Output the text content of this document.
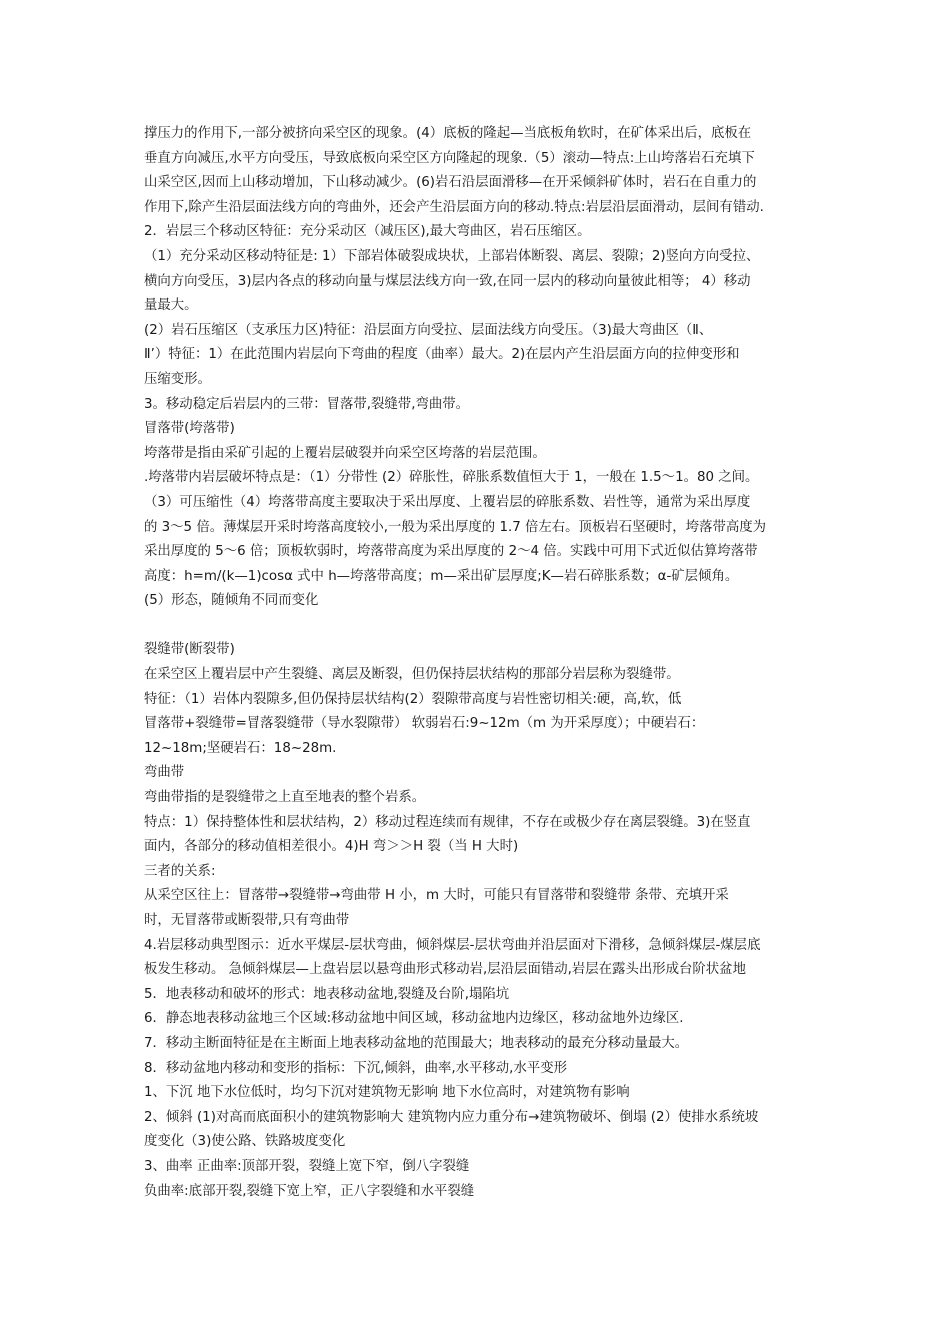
撑压力的作用下,一部分被挤向采空区的现象。(4）底板的隆起—当底板角软时，在矿体采出后，底板在

垂直方向减压,水平方向受压，导致底板向采空区方向隆起的现象.（5）滚动—特点:上山垮落岩石充填下

山采空区,因而上山移动增加，下山移动减少。(6)岩石沿层面滑移—在开采倾斜矿体时，岩石在自重力的

作用下,除产生沿层面法线方向的弯曲外，还会产生沿层面方向的移动.特点:岩层沿层面滑动，层间有错动.

2．岩层三个移动区特征：充分采动区（减压区),最大弯曲区，岩石压缩区。

（1）充分采动区移动特征是: 1）下部岩体破裂成块状，上部岩体断裂、离层、裂隙；2)竖向方向受拉、

横向方向受压，3)层内各点的移动向量与煤层法线方向一致,在同一层内的移动向量彼此相等； 4）移动

量最大。

(2）岩石压缩区（支承压力区)特征：沿层面方向受拉、层面法线方向受压。（3)最大弯曲区（Ⅱ、

Ⅱ’）特征：1）在此范围内岩层向下弯曲的程度（曲率）最大。2)在层内产生沿层面方向的拉伸变形和

压缩变形。

3。移动稳定后岩层内的三带：冒落带,裂缝带,弯曲带。

冒落带(垮落带)

垮落带是指由采矿引起的上覆岩层破裂并向采空区垮落的岩层范围。

.垮落带内岩层破坏特点是：（1）分带性 (2）碎胀性，碎胀系数值恒大于 1，一般在 1.5～1。80 之间。

（3）可压缩性（4）垮落带高度主要取决于采出厚度、上覆岩层的碎胀系数、岩性等，通常为采出厚度

的 3～5 倍。薄煤层开采时垮落高度较小,一般为采出厚度的 1.7 倍左右。顶板岩石坚硬时，垮落带高度为

采出厚度的 5～6 倍；顶板软弱时，垮落带高度为采出厚度的 2～4 倍。实践中可用下式近似估算垮落带

高度：h=m/(k—1)cosα 式中 h—垮落带高度；m—采出矿层厚度;K—岩石碎胀系数；α-矿层倾角。

(5）形态，随倾角不同而变化

裂缝带(断裂带)

在采空区上覆岩层中产生裂缝、离层及断裂，但仍保持层状结构的那部分岩层称为裂缝带。

特征：（1）岩体内裂隙多,但仍保持层状结构(2）裂隙带高度与岩性密切相关:硬，高,软，低

冒落带+裂缝带=冒落裂缝带（导水裂隙带） 软弱岩石:9~12m（m 为开采厚度）；中硬岩石：

12~18m;坚硬岩石：18~28m.

弯曲带

弯曲带指的是裂缝带之上直至地表的整个岩系。

特点：1）保持整体性和层状结构，2）移动过程连续而有规律，不存在或极少存在离层裂缝。3)在竖直

面内，各部分的移动值相差很小。4)H 弯＞＞H 裂（当 H 大时)

三者的关系:

从采空区往上：冒落带→裂缝带→弯曲带 H 小，m 大时，可能只有冒落带和裂缝带 条带、充填开采

时，无冒落带或断裂带,只有弯曲带

4.岩层移动典型图示：近水平煤层-层状弯曲，倾斜煤层-层状弯曲并沿层面对下滑移，急倾斜煤层-煤层底

板发生移动。 急倾斜煤层—上盘岩层以悬弯曲形式移动岩,层沿层面错动,岩层在露头出形成台阶状盆地

5．地表移动和破坏的形式：地表移动盆地,裂缝及台阶,塌陷坑

6．静态地表移动盆地三个区域:移动盆地中间区域，移动盆地内边缘区，移动盆地外边缘区.

7．移动主断面特征是在主断面上地表移动盆地的范围最大；地表移动的最充分移动量最大。

8．移动盆地内移动和变形的指标：下沉,倾斜，曲率,水平移动,水平变形

1、下沉 地下水位低时，均匀下沉对建筑物无影响 地下水位高时，对建筑物有影响

2、倾斜 (1)对高而底面积小的建筑物影响大 建筑物内应力重分布→建筑物破坏、倒塌 (2）使排水系统坡

度变化（3)使公路、铁路坡度变化

3、曲率 正曲率:顶部开裂，裂缝上宽下窄，倒八字裂缝

负曲率:底部开裂,裂缝下宽上窄，正八字裂缝和水平裂缝
